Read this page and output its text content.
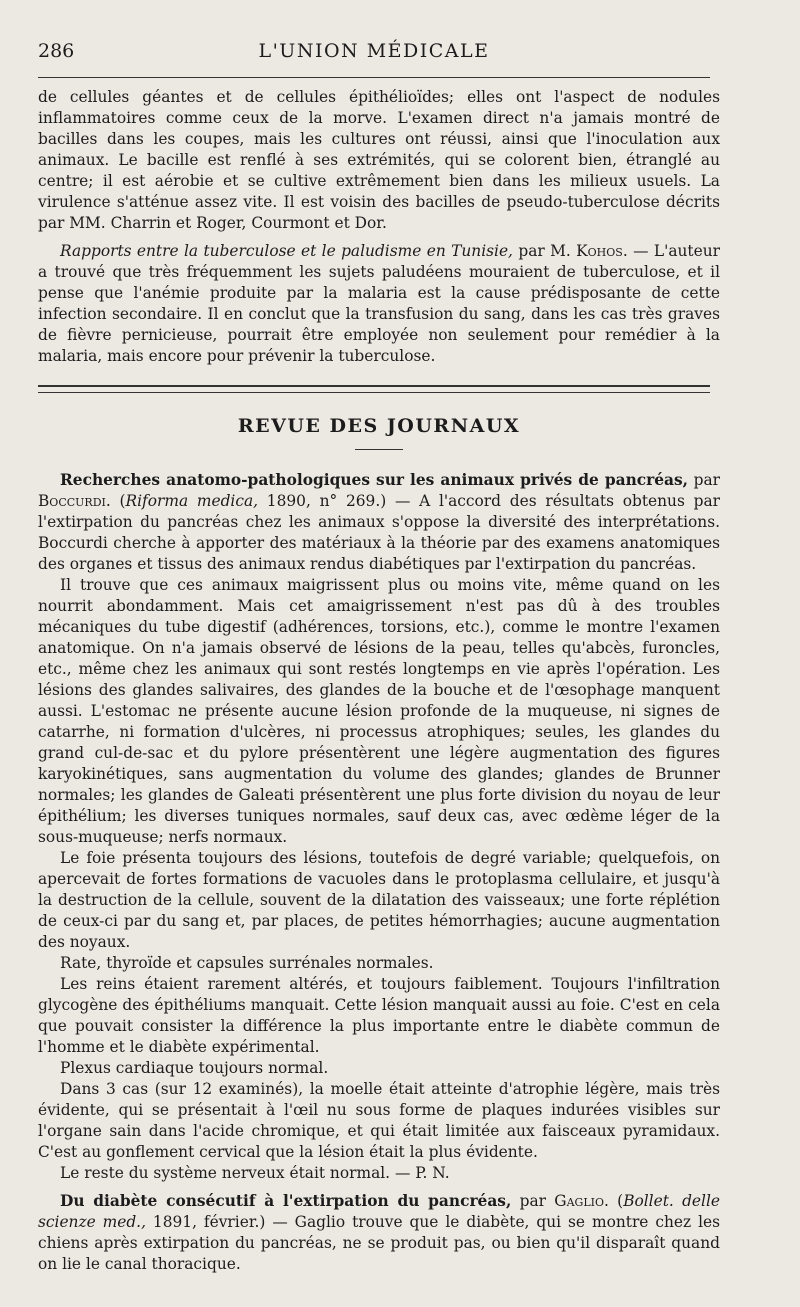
286	L'UNION MÉDICALE

de cellules géantes et de cellules épithélioïdes; elles ont l'aspect de nodules inflammatoires comme ceux de la morve. L'examen direct n'a jamais montré de bacilles dans les coupes, mais les cultures ont réussi, ainsi que l'inoculation aux animaux. Le bacille est renflé à ses extrémités, qui se colorent bien, étranglé au centre; il est aérobie et se cultive extrêmement bien dans les milieux usuels. La virulence s'atténue assez vite. Il est voisin des bacilles de pseudo-tuberculose décrits par MM. Charrin et Roger, Courmont et Dor.

Rapports entre la tuberculose et le paludisme en Tunisie, par M. Kohos. — L'auteur a trouvé que très fréquemment les sujets paludéens mouraient de tuberculose, et il pense que l'anémie produite par la malaria est la cause prédisposante de cette infection secondaire. Il en conclut que la transfusion du sang, dans les cas très graves de fièvre pernicieuse, pourrait être employée non seulement pour remédier à la malaria, mais encore pour prévenir la tuberculose.

REVUE DES JOURNAUX

Recherches anatomo-pathologiques sur les animaux privés de pancréas, par Boccurdi. (Riforma medica, 1890, n° 269.) — A l'accord des résultats obtenus par l'extirpation du pancréas chez les animaux s'oppose la diversité des interprétations. Boccurdi cherche à apporter des matériaux à la théorie par des examens anatomiques des organes et tissus des animaux rendus diabétiques par l'extirpation du pancréas.

Il trouve que ces animaux maigrissent plus ou moins vite, même quand on les nourrit abondamment. Mais cet amaigrissement n'est pas dû à des troubles mécaniques du tube digestif (adhérences, torsions, etc.), comme le montre l'examen anatomique. On n'a jamais observé de lésions de la peau, telles qu'abcès, furoncles, etc., même chez les animaux qui sont restés longtemps en vie après l'opération. Les lésions des glandes salivaires, des glandes de la bouche et de l'œsophage manquent aussi. L'estomac ne présente aucune lésion profonde de la muqueuse, ni signes de catarrhe, ni formation d'ulcères, ni processus atrophiques; seules, les glandes du grand cul-de-sac et du pylore présentèrent une légère augmentation des figures karyokinétiques, sans augmentation du volume des glandes; glandes de Brunner normales; les glandes de Galeati présentèrent une plus forte division du noyau de leur épithélium; les diverses tuniques normales, sauf deux cas, avec œdème léger de la sous-muqueuse; nerfs normaux.

Le foie présenta toujours des lésions, toutefois de degré variable; quelquefois, on apercevait de fortes formations de vacuoles dans le protoplasma cellulaire, et jusqu'à la destruction de la cellule, souvent de la dilatation des vaisseaux; une forte réplétion de ceux-ci par du sang et, par places, de petites hémorrhagies; aucune augmentation des noyaux.

Rate, thyroïde et capsules surrénales normales.

Les reins étaient rarement altérés, et toujours faiblement. Toujours l'infiltration glycogène des épithéliums manquait. Cette lésion manquait aussi au foie. C'est en cela que pouvait consister la différence la plus importante entre le diabète commun de l'homme et le diabète expérimental.

Plexus cardiaque toujours normal.

Dans 3 cas (sur 12 examinés), la moelle était atteinte d'atrophie légère, mais très évidente, qui se présentait à l'œil nu sous forme de plaques indurées visibles sur l'organe sain dans l'acide chromique, et qui était limitée aux faisceaux pyramidaux. C'est au gonflement cervical que la lésion était la plus évidente.

Le reste du système nerveux était normal. — P. N.

Du diabète consécutif à l'extirpation du pancréas, par Gaglio. (Bollet. delle scienze med., 1891, février.) — Gaglio trouve que le diabète, qui se montre chez les chiens après extirpation du pancréas, ne se produit pas, ou bien qu'il disparaît quand on lie le canal thoracique.
